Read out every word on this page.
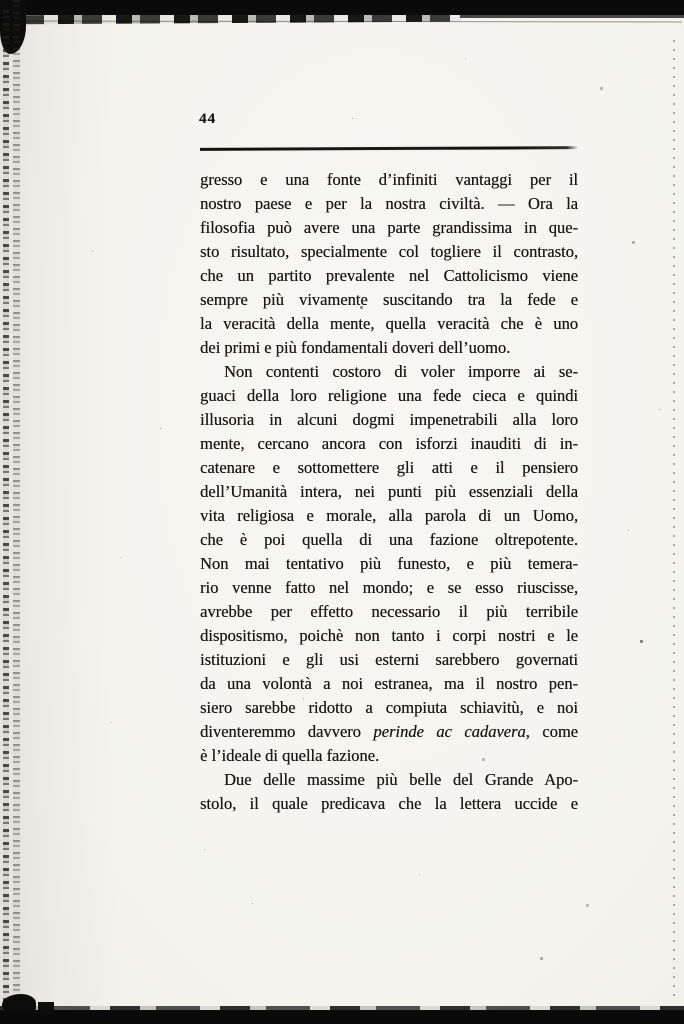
44
gresso e una fonte d’infiniti vantaggi per il
nostro paese e per la nostra civiltà. — Ora la
filosofia può avere una parte grandissima in que-
sto risultato, specialmente col togliere il contrasto,
che un partito prevalente nel Cattolicismo viene
sempre più vivamente suscitando tra la fede e
la veracità della mente, quella veracità che è uno
dei primi e più fondamentali doveri dell’uomo.
Non contenti costoro di voler imporre ai se-
guaci della loro religione una fede cieca e quindi
illusoria in alcuni dogmi impenetrabili alla loro
mente, cercano ancora con isforzi inauditi di in-
catenare e sottomettere gli atti e il pensiero
dell’Umanità intera, nei punti più essenziali della
vita religiosa e morale, alla parola di un Uomo,
che è poi quella di una fazione oltrepotente.
Non mai tentativo più funesto, e più temera-
rio venne fatto nel mondo; e se esso riuscisse,
avrebbe per effetto necessario il più terribile
dispositismo, poichè non tanto i corpi nostri e le
istituzioni e gli usi esterni sarebbero governati
da una volontà a noi estranea, ma il nostro pen-
siero sarebbe ridotto a compiuta schiavitù, e noi
diventeremmo davvero perinde ac cadavera, come
è l’ideale di quella fazione.
Due delle massime più belle del Grande Apo-
stolo, il quale predicava che la lettera uccide e
